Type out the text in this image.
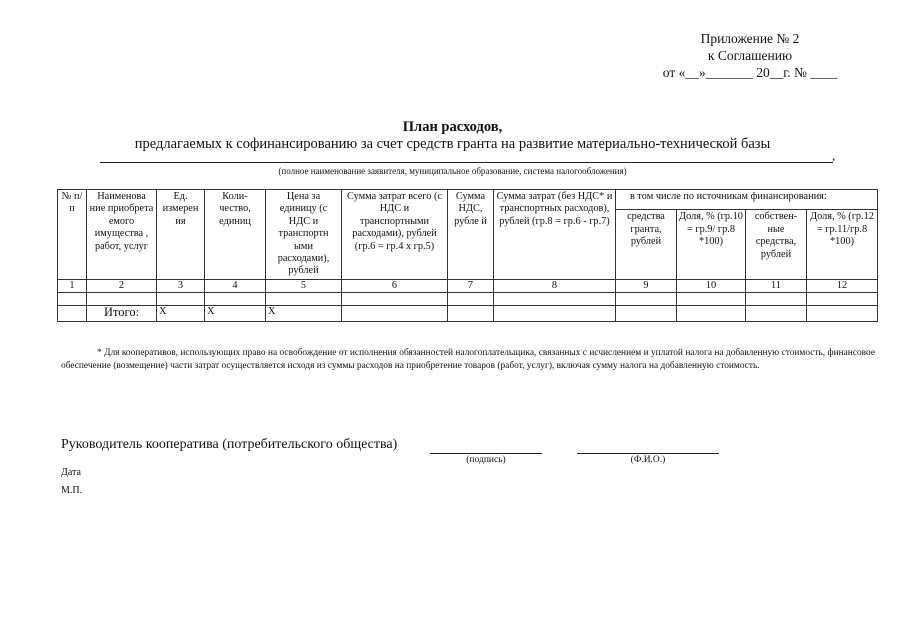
Приложение № 2
к Соглашению
от «__»_______ 20__г. № ____
План расходов,
предлагаемых к софинансированию за счет средств гранта на развитие материально-технической базы
,
(полное наименование заявителя, муниципальное образование, система налогообложения)
№ п/п	Наименова ние приобрета емого имущества , работ, услуг	Ед. измерен ия	Коли- чество, единиц	Цена за единицу (с НДС и транспортн ыми расходами), рублей	Сумма затрат всего (с НДС и транспортными расходами), рублей (гр.6 = гр.4 х гр.5)	Сумма НДС, рубле й	Сумма затрат (без НДС* и транспортных расходов), рублей (гр.8 = гр.6 - гр.7)	в том числе по источникам финансирования:			
								средства гранта, рублей	Доля, % (гр.10 = гр.9/ гр.8 *100)	собствен- ные средства, рублей	Доля, % (гр.12 = гр.11/гр.8 *100)
1	2	3	4	5	6	7	8	9	10	11	12

	Итого:	X	X	X							
* Для кооперативов, использующих право на освобождение от исполнения обязанностей налогоплательщика, связанных с исчислением и уплатой налога на добавленную стоимость, финансовое обеспечение (возмещение) части затрат осуществляется исходя из суммы расходов на приобретение товаров (работ, услуг), включая сумму налога на добавленную стоимость.
Руководитель кооператива (потребительского общества)
(подпись)	(Ф.И.О.)
Дата
М.П.
